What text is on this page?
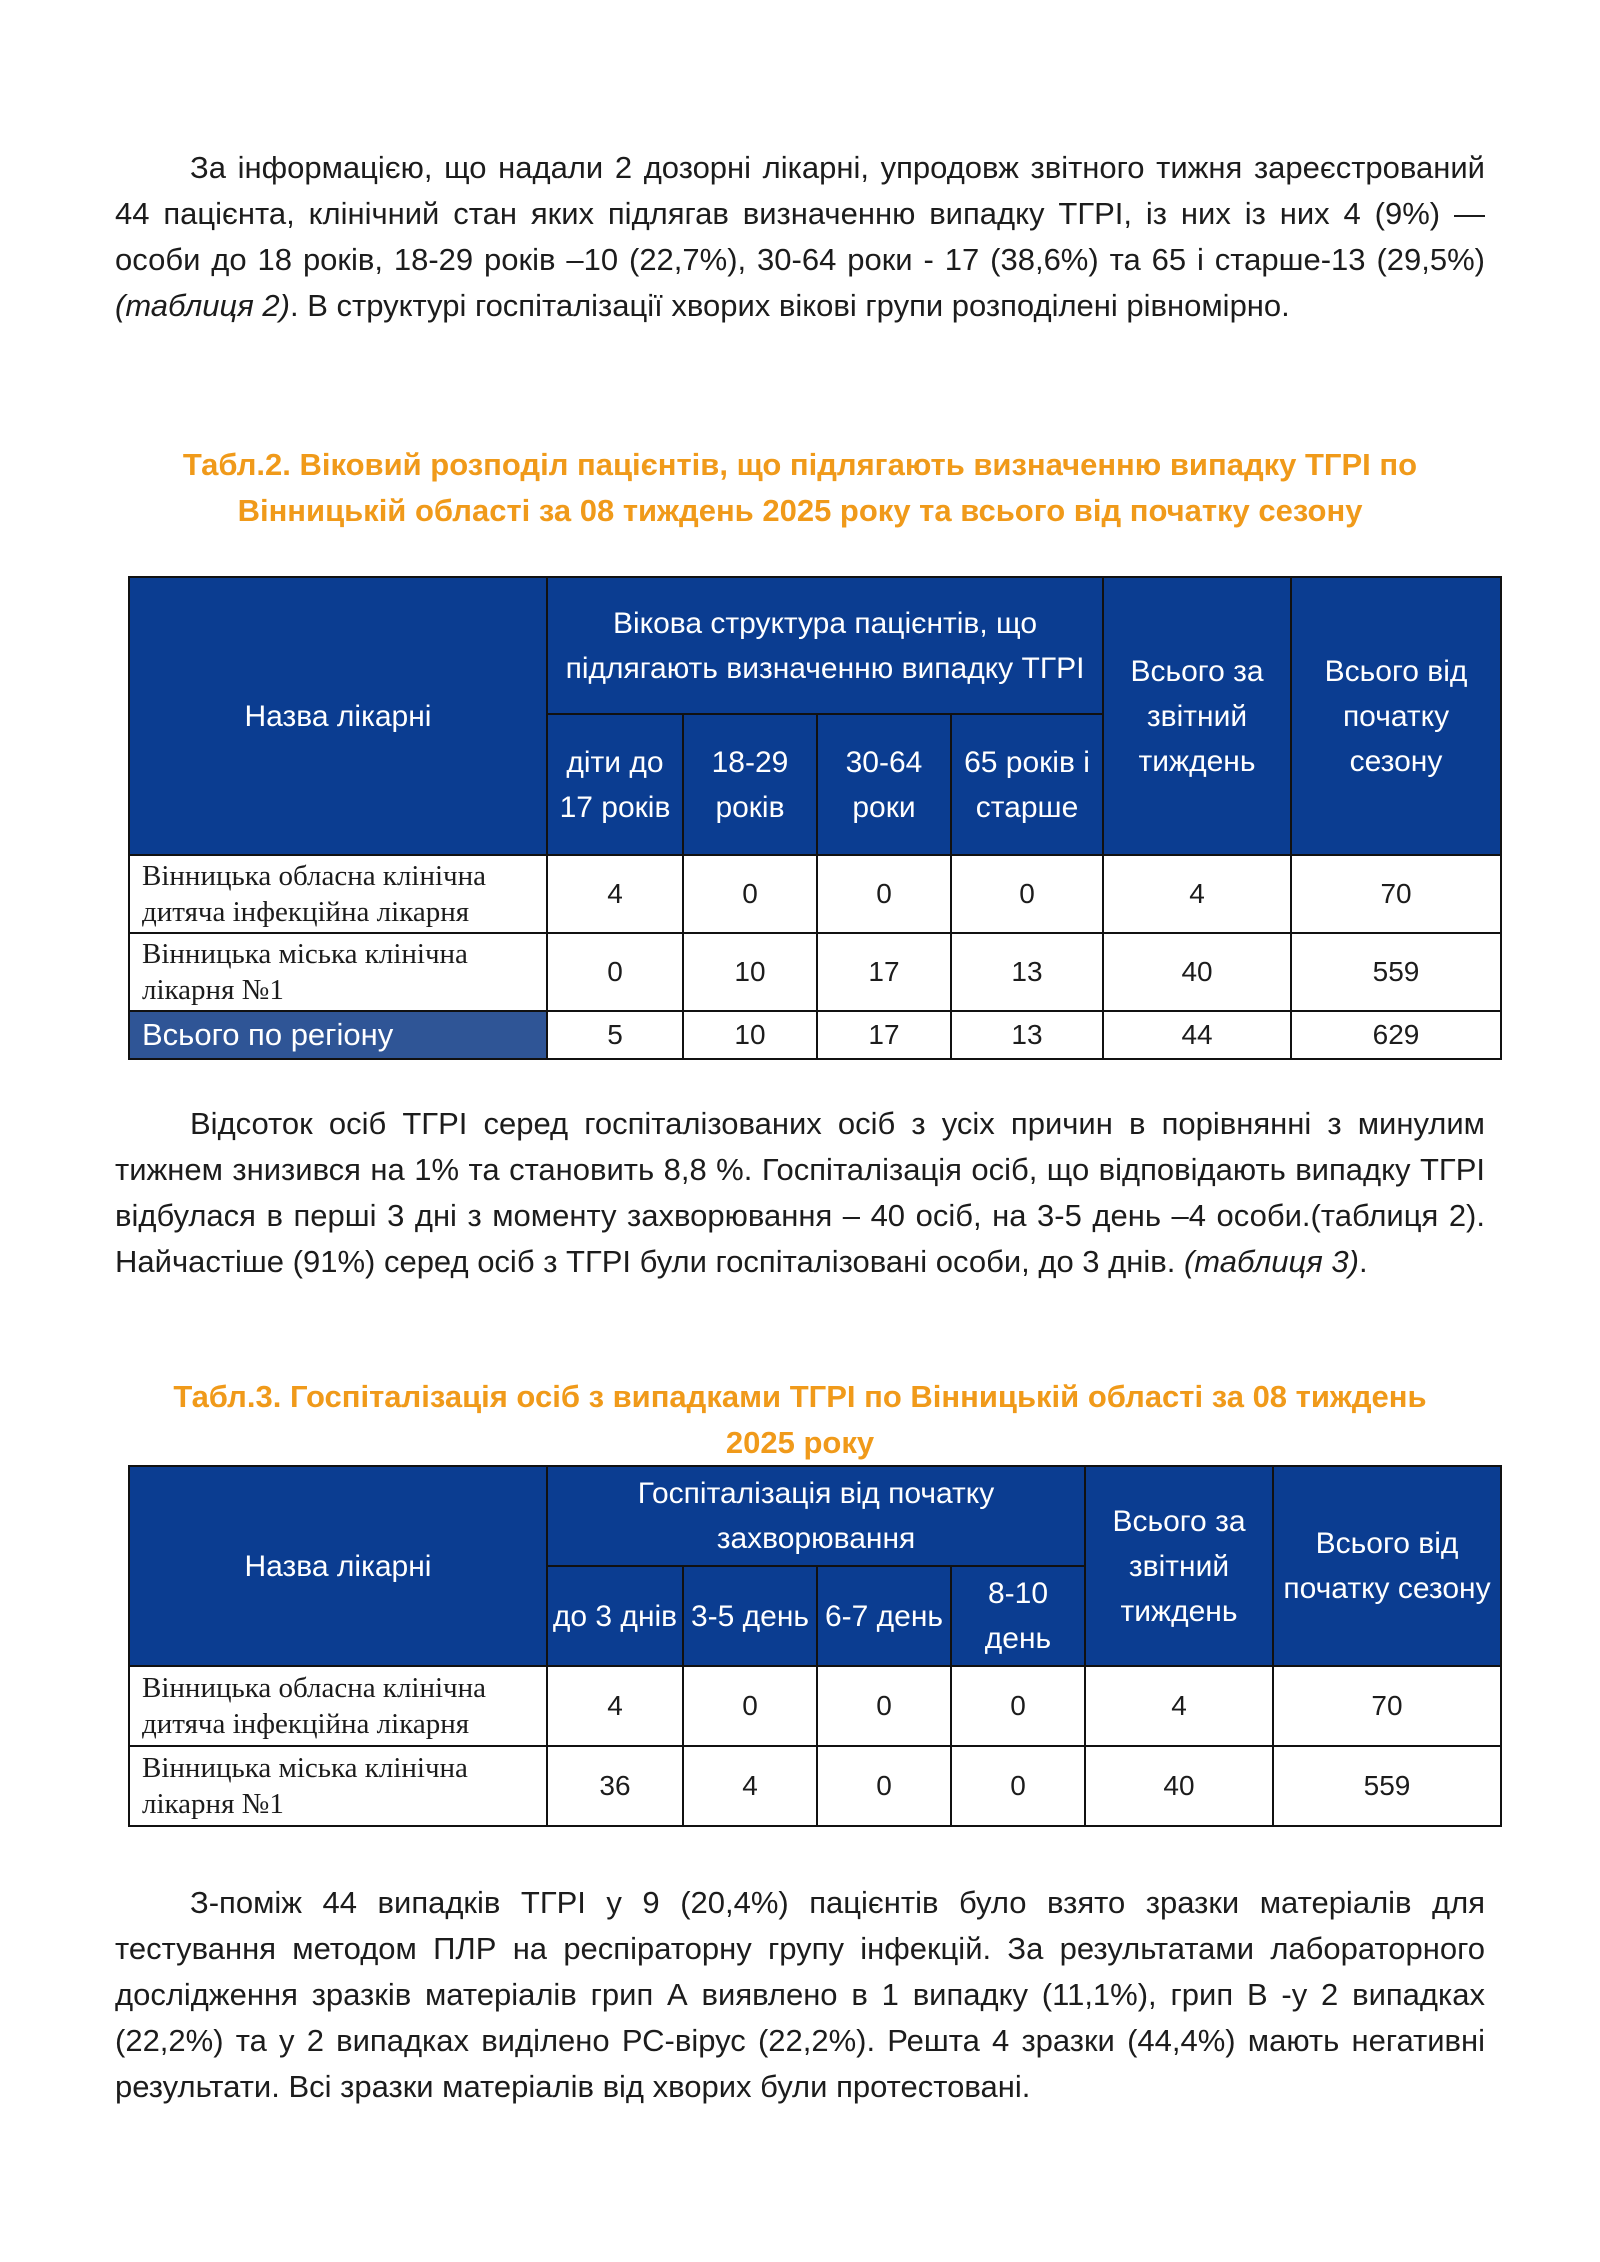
За інформацією, що надали 2 дозорні лікарні, упродовж звітного тижня зареєстрований 44 пацієнта, клінічний стан яких підлягав визначенню випадку ТГРІ, із них із них 4 (9%) — особи до 18 років, 18-29 років –10 (22,7%), 30-64 роки - 17 (38,6%) та 65 і старше-13 (29,5%) (таблиця 2). В структурі госпіталізації хворих вікові групи розподілені рівномірно.

Табл.2. Віковий розподіл пацієнтів, що підлягають визначенню випадку ТГРІ по
Вінницькій області за 08 тиждень 2025 року та всього від початку сезону
Назва лікарні	Вікова структура пацієнтів, що підлягають визначенню випадку ТГРІ				Всього за звітний тиждень	Всього від початку сезону
	діти до 17 років	18-29 років	30-64 роки	65 років і старше		
Вінницька обласна клінічна дитяча інфекційна лікарня	4	0	0	0	4	70
Вінницька міська клінічна лікарня №1	0	10	17	13	40	559
Всього по регіону	5	10	17	13	44	629

Відсоток осіб ТГРІ серед госпіталізованих осіб з усіх причин в порівнянні з минулим тижнем знизився на 1% та становить 8,8 %. Госпіталізація осіб, що відповідають випадку ТГРІ відбулася в перші 3 дні з моменту захворювання – 40 осіб, на 3-5 день –4 особи.(таблиця 2). Найчастіше (91%) серед осіб з ТГРІ були госпіталізовані особи, до 3 днів. (таблиця 3).

Табл.3. Госпіталізація осіб з випадками ТГРІ по Вінницькій області за 08 тиждень
2025 року
Назва лікарні	Госпіталізація від початку захворювання				Всього за звітний тиждень	Всього від початку сезону
	до 3 днів	3-5 день	6-7 день	8-10 день		
Вінницька обласна клінічна дитяча інфекційна лікарня	4	0	0	0	4	70
Вінницька міська клінічна лікарня №1	36	4	0	0	40	559

З-поміж 44 випадків ТГРІ у 9 (20,4%) пацієнтів було взято зразки матеріалів для тестування методом ПЛР на респіраторну групу інфекцій. За результатами лабораторного дослідження зразків матеріалів грип А виявлено в 1 випадку (11,1%), грип В -у 2 випадках (22,2%) та у 2 випадках виділено РС-вірус (22,2%). Решта 4 зразки (44,4%) мають негативні результати. Всі зразки матеріалів від хворих були протестовані.
